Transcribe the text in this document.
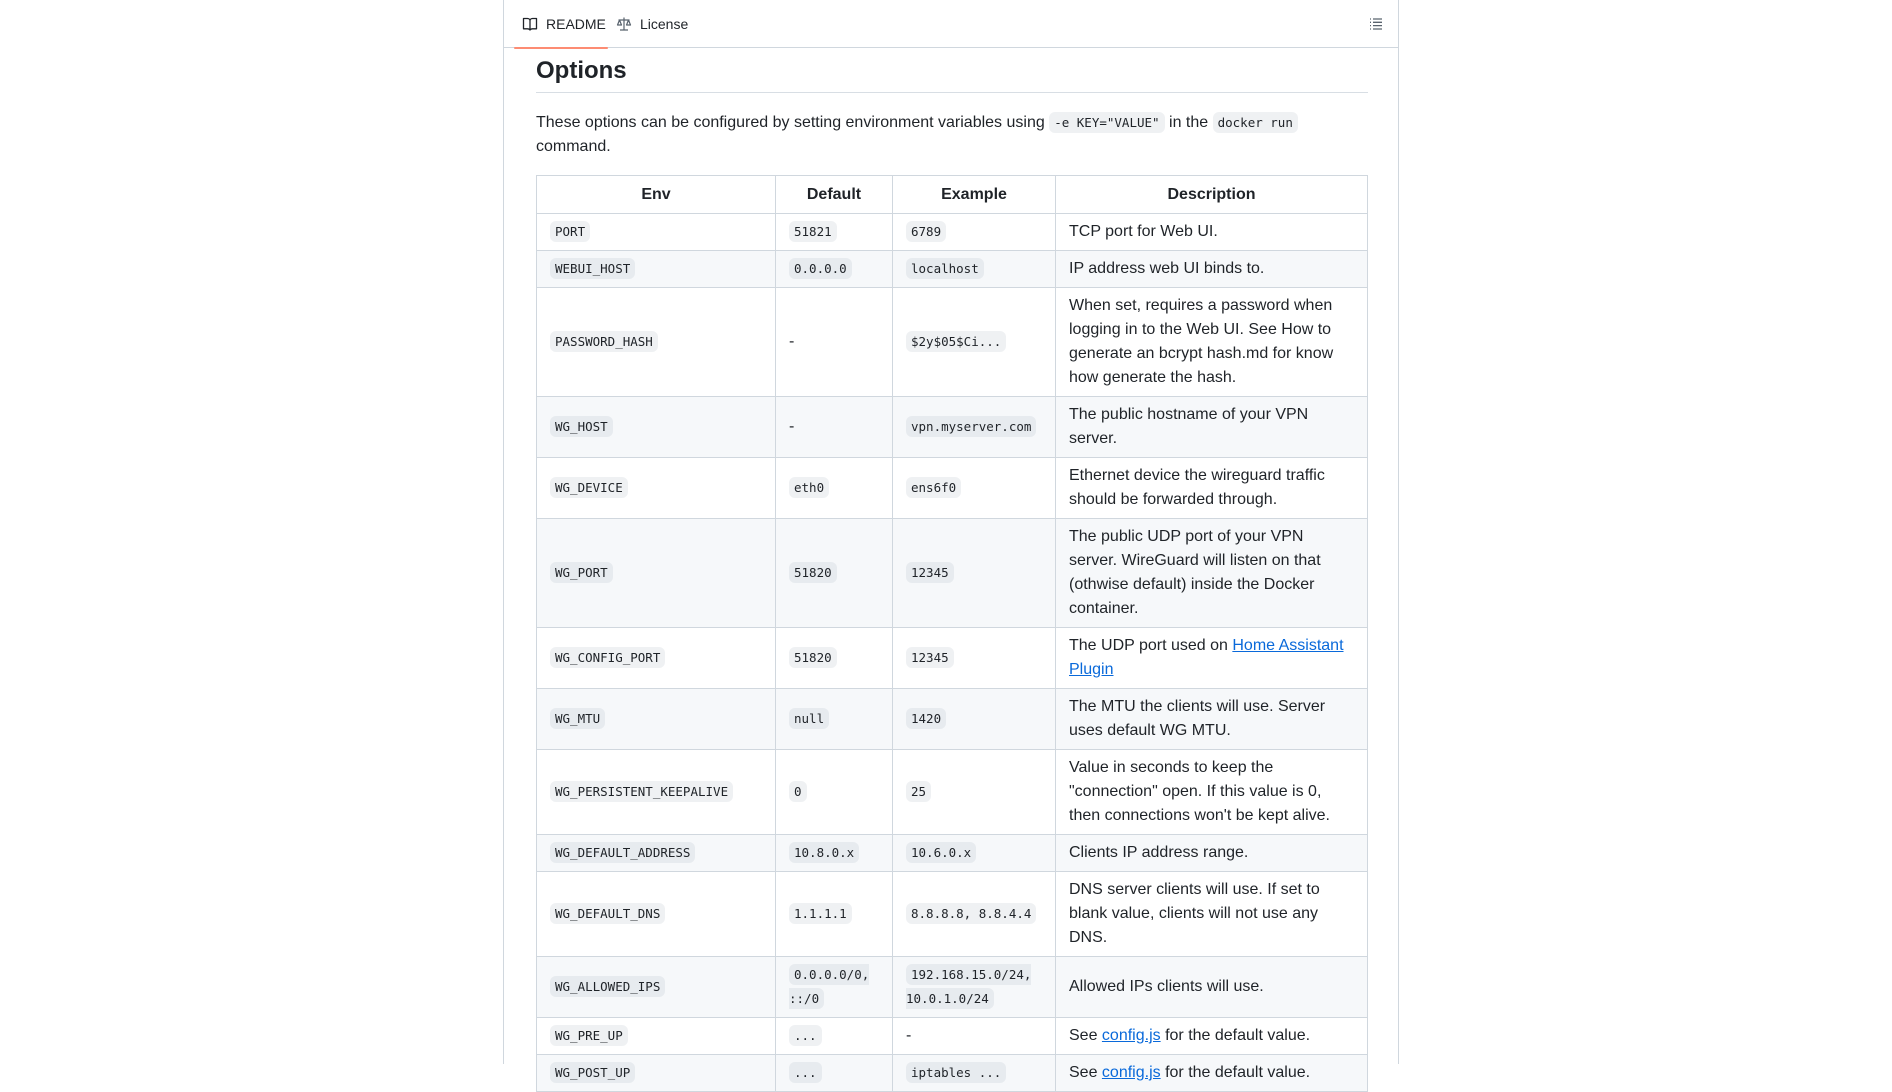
README License
Options

These options can be configured by setting environment variables using -e KEY="VALUE" in the docker run command.

Env	Default	Example	Description
PORT	51821	6789	TCP port for Web UI.
WEBUI_HOST	0.0.0.0	localhost	IP address web UI binds to.
PASSWORD_HASH	-	$2y$05$Ci...	When set, requires a password when logging in to the Web UI. See How to generate an bcrypt hash.md for know how generate the hash.
WG_HOST	-	vpn.myserver.com	The public hostname of your VPN server.
WG_DEVICE	eth0	ens6f0	Ethernet device the wireguard traffic should be forwarded through.
WG_PORT	51820	12345	The public UDP port of your VPN server. WireGuard will listen on that (othwise default) inside the Docker container.
WG_CONFIG_PORT	51820	12345	The UDP port used on Home Assistant Plugin
WG_MTU	null	1420	The MTU the clients will use. Server uses default WG MTU.
WG_PERSISTENT_KEEPALIVE	0	25	Value in seconds to keep the "connection" open. If this value is 0, then connections won't be kept alive.
WG_DEFAULT_ADDRESS	10.8.0.x	10.6.0.x	Clients IP address range.
WG_DEFAULT_DNS	1.1.1.1	8.8.8.8, 8.8.4.4	DNS server clients will use. If set to blank value, clients will not use any DNS.
WG_ALLOWED_IPS	0.0.0.0/0, ::/0	192.168.15.0/24, 10.0.1.0/24	Allowed IPs clients will use.
WG_PRE_UP	...	-	See config.js for the default value.
WG_POST_UP	...	iptables ...	See config.js for the default value.
